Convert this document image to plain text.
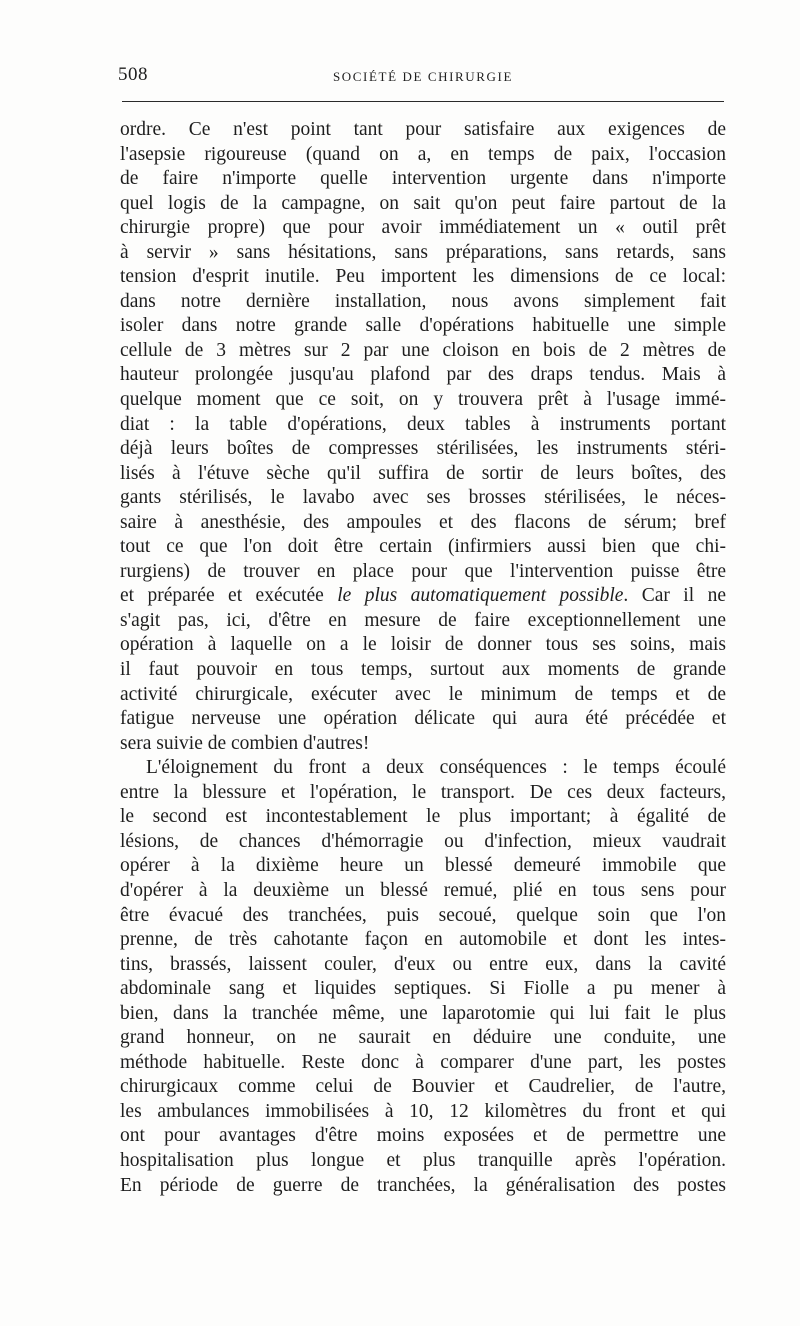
508	SOCIÉTÉ DE CHIRURGIE
ordre. Ce n'est point tant pour satisfaire aux exigences de
l'asepsie rigoureuse (quand on a, en temps de paix, l'occasion
de faire n'importe quelle intervention urgente dans n'importe
quel logis de la campagne, on sait qu'on peut faire partout de la
chirurgie propre) que pour avoir immédiatement un « outil prêt
à servir » sans hésitations, sans préparations, sans retards, sans
tension d'esprit inutile. Peu importent les dimensions de ce local:
dans notre dernière installation, nous avons simplement fait
isoler dans notre grande salle d'opérations habituelle une simple
cellule de 3 mètres sur 2 par une cloison en bois de 2 mètres de
hauteur prolongée jusqu'au plafond par des draps tendus. Mais à
quelque moment que ce soit, on y trouvera prêt à l'usage immé-
diat : la table d'opérations, deux tables à instruments portant
déjà leurs boîtes de compresses stérilisées, les instruments stéri-
lisés à l'étuve sèche qu'il suffira de sortir de leurs boîtes, des
gants stérilisés, le lavabo avec ses brosses stérilisées, le néces-
saire à anesthésie, des ampoules et des flacons de sérum; bref
tout ce que l'on doit être certain (infirmiers aussi bien que chi-
rurgiens) de trouver en place pour que l'intervention puisse être
et préparée et exécutée le plus automatiquement possible. Car il ne
s'agit pas, ici, d'être en mesure de faire exceptionnellement une
opération à laquelle on a le loisir de donner tous ses soins, mais
il faut pouvoir en tous temps, surtout aux moments de grande
activité chirurgicale, exécuter avec le minimum de temps et de
fatigue nerveuse une opération délicate qui aura été précédée et
sera suivie de combien d'autres!
L'éloignement du front a deux conséquences : le temps écoulé
entre la blessure et l'opération, le transport. De ces deux facteurs,
le second est incontestablement le plus important; à égalité de
lésions, de chances d'hémorragie ou d'infection, mieux vaudrait
opérer à la dixième heure un blessé demeuré immobile que
d'opérer à la deuxième un blessé remué, plié en tous sens pour
être évacué des tranchées, puis secoué, quelque soin que l'on
prenne, de très cahotante façon en automobile et dont les intes-
tins, brassés, laissent couler, d'eux ou entre eux, dans la cavité
abdominale sang et liquides septiques. Si Fiolle a pu mener à
bien, dans la tranchée même, une laparotomie qui lui fait le plus
grand honneur, on ne saurait en déduire une conduite, une
méthode habituelle. Reste donc à comparer d'une part, les postes
chirurgicaux comme celui de Bouvier et Caudrelier, de l'autre,
les ambulances immobilisées à 10, 12 kilomètres du front et qui
ont pour avantages d'être moins exposées et de permettre une
hospitalisation plus longue et plus tranquille après l'opération.
En période de guerre de tranchées, la généralisation des postes
